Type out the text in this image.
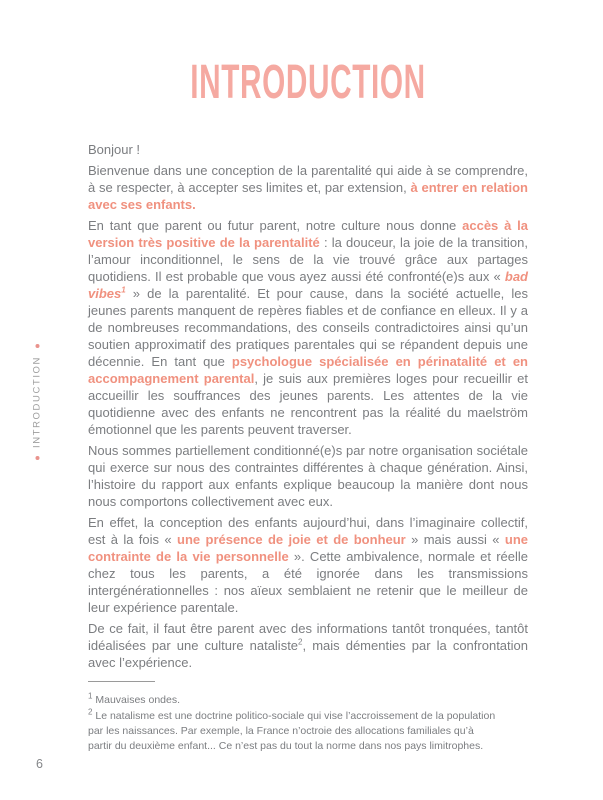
INTRODUCTION
INTRODUCTION

Bonjour !

Bienvenue dans une conception de la parentalité qui aide à se comprendre, à se respecter, à accepter ses limites et, par extension, à entrer en relation avec ses enfants.

En tant que parent ou futur parent, notre culture nous donne accès à la version très positive de la parentalité : la douceur, la joie de la transition, l’amour inconditionnel, le sens de la vie trouvé grâce aux partages quotidiens. Il est probable que vous ayez aussi été confronté(e)s aux « bad vibes$^1$ » de la parentalité. Et pour cause, dans la société actuelle, les jeunes parents manquent de repères fiables et de confiance en elleux. Il y a de nombreuses recommandations, des conseils contradictoires ainsi qu’un soutien approximatif des pratiques parentales qui se répandent depuis une décennie. En tant que psychologue spécialisée en périnatalité et en accompagnement parental, je suis aux premières loges pour recueillir et accueillir les souffrances des jeunes parents. Les attentes de la vie quotidienne avec des enfants ne rencontrent pas la réalité du maelström émotionnel que les parents peuvent traverser.

Nous sommes partiellement conditionné(e)s par notre organisation sociétale qui exerce sur nous des contraintes différentes à chaque génération. Ainsi, l’histoire du rapport aux enfants explique beaucoup la manière dont nous nous comportons collectivement avec eux.

En effet, la conception des enfants aujourd’hui, dans l’imaginaire collectif, est à la fois « une présence de joie et de bonheur » mais aussi « une contrainte de la vie personnelle ». Cette ambivalence, normale et réelle chez tous les parents, a été ignorée dans les transmissions intergénérationnelles : nos aïeux semblaient ne retenir que le meilleur de leur expérience parentale.

De ce fait, il faut être parent avec des informations tantôt tronquées, tantôt idéalisées par une culture nataliste$^2$, mais démenties par la confrontation avec l’expérience.

$^1$ Mauvaises ondes.

$^2$ Le natalisme est une doctrine politico-sociale qui vise l’accroissement de la population par les naissances. Par exemple, la France n’octroie des allocations familiales qu’à partir du deuxième enfant... Ce n’est pas du tout la norme dans nos pays limitrophes.

6
